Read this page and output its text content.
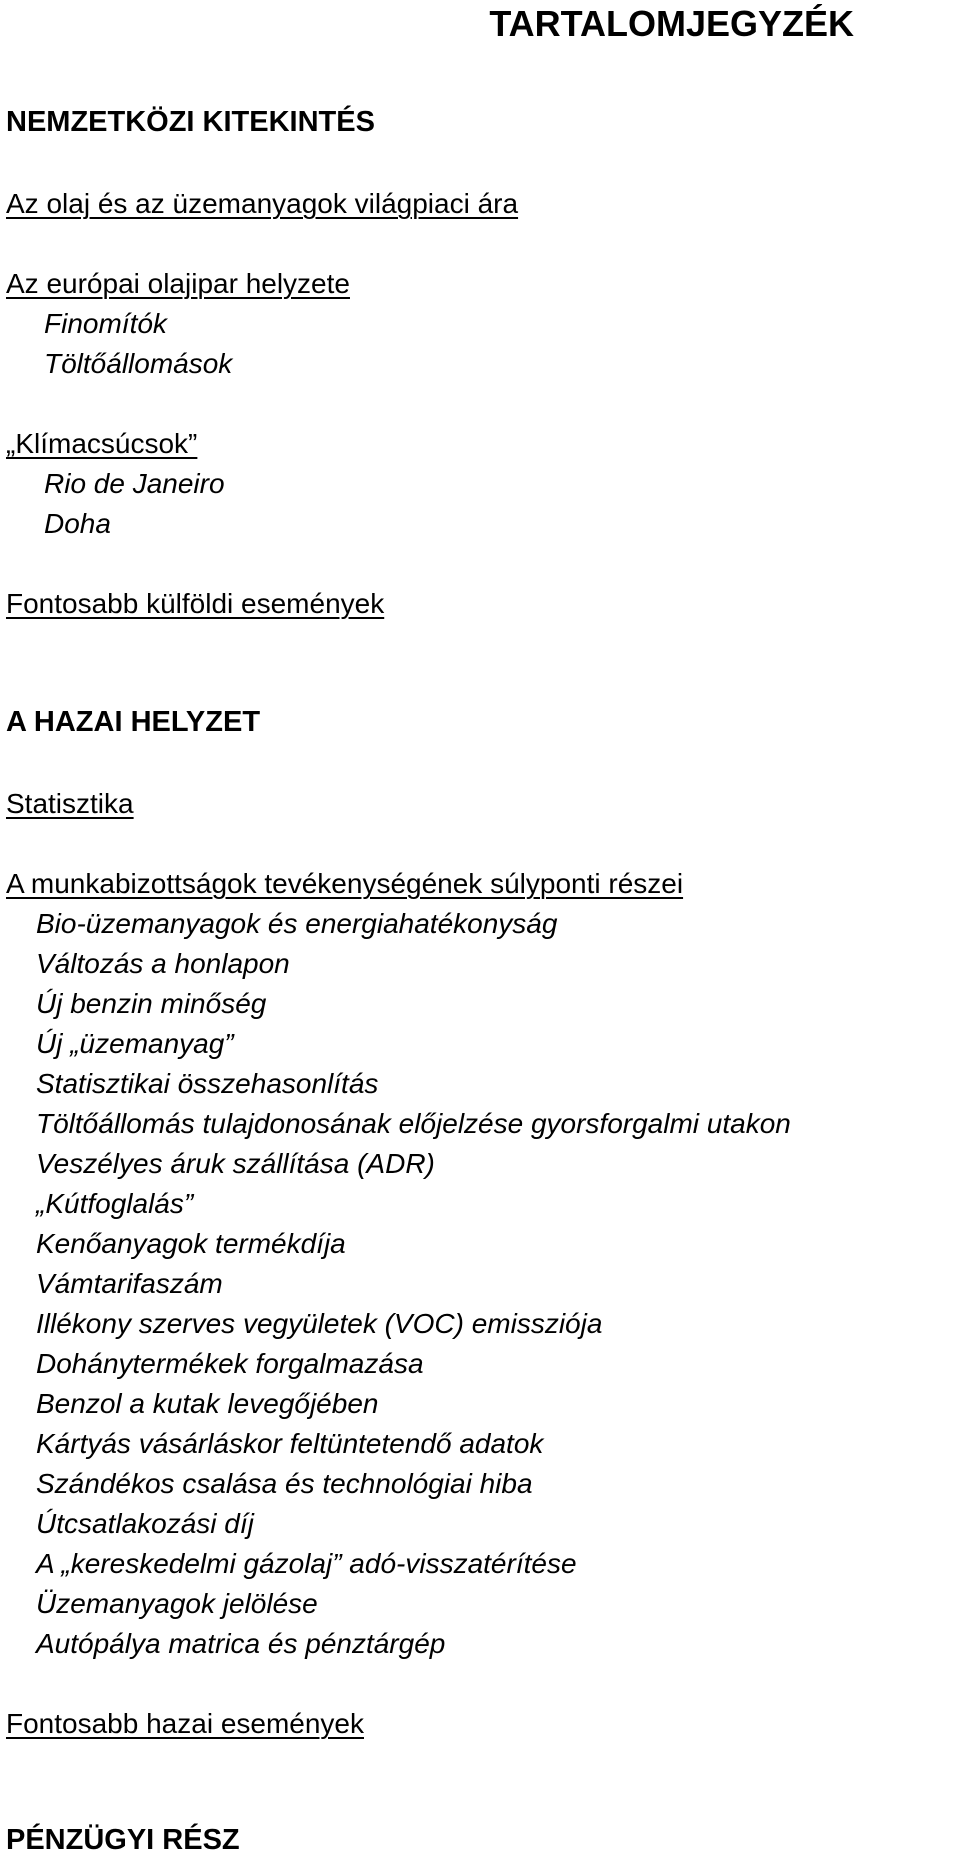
TARTALOMJEGYZÉK
NEMZETKÖZI KITEKINTÉS
Az olaj és az üzemanyagok világpiaci ára
Az európai olajipar helyzete
Finomítók
Töltőállomások
„Klímacsúcsok”
Rio de Janeiro
Doha
Fontosabb külföldi események
A HAZAI HELYZET
Statisztika
A munkabizottságok tevékenységének súlyponti részei
Bio-üzemanyagok és energiahatékonyság
Változás a honlapon
Új benzin minőség
Új „üzemanyag”
Statisztikai összehasonlítás
Töltőállomás tulajdonosának előjelzése gyorsforgalmi utakon
Veszélyes áruk szállítása (ADR)
„Kútfoglalás”
Kenőanyagok termékdíja
Vámtarifaszám
Illékony szerves vegyületek (VOC) emissziója
Dohánytermékek forgalmazása
Benzol a kutak levegőjében
Kártyás vásárláskor feltüntetendő adatok
Szándékos csalása és technológiai hiba
Útcsatlakozási díj
A „kereskedelmi gázolaj” adó-visszatérítése
Üzemanyagok jelölése
Autópálya matrica és pénztárgép
Fontosabb hazai események
PÉNZÜGYI RÉSZ
